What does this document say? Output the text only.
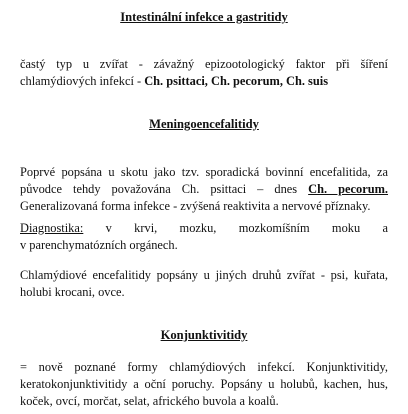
Intestinální infekce a gastritidy
častý typ u zvířat - závažný epizootologický faktor při šíření
chlamýdiových infekcí - Ch. psittaci, Ch. pecorum, Ch. suis
Meningoencefalitidy
Poprvé popsána u skotu jako tzv. sporadická bovinní encefalitida, za
původce tehdy považována Ch. psittaci – dnes Ch. pecorum.
Generalizovaná forma infekce - zvýšená reaktivita a nervové příznaky.
Diagnostika: v krvi, mozku, mozkomíšním moku a
v parenchymatózních orgánech.
Chlamýdiové encefalitidy popsány u jiných druhů zvířat - psi, kuřata,
holubi krocani, ovce.
Konjunktivitidy
= nově poznané formy chlamýdiových infekcí. Konjunktivitidy,
keratokonjunktivitidy a oční poruchy. Popsány u holubů, kachen, hus,
koček, ovcí, morčat, selat, afrického buvola a koalů.
